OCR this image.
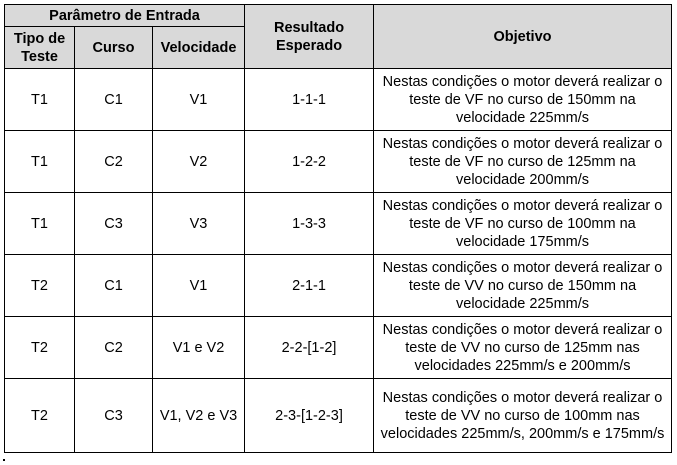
Parâmetro de Entrada			Resultado Esperado	Objetivo
Tipo de Teste	Curso	Velocidade		
T1	C1	V1	1-1-1	Nestas condições o motor deverá realizar o teste de VF no curso de 150mm na velocidade 225mm/s
T1	C2	V2	1-2-2	Nestas condições o motor deverá realizar o teste de VF no curso de 125mm na velocidade 200mm/s
T1	C3	V3	1-3-3	Nestas condições o motor deverá realizar o teste de VF no curso de 100mm na velocidade 175mm/s
T2	C1	V1	2-1-1	Nestas condições o motor deverá realizar o teste de VV no curso de 150mm na velocidade 225mm/s
T2	C2	V1 e V2	2-2-[1-2]	Nestas condições o motor deverá realizar o teste de VV no curso de 125mm nas velocidades 225mm/s e 200mm/s
T2	C3	V1, V2 e V3	2-3-[1-2-3]	Nestas condições o motor deverá realizar o teste de VV no curso de 100mm nas velocidades 225mm/s, 200mm/s e 175mm/s
